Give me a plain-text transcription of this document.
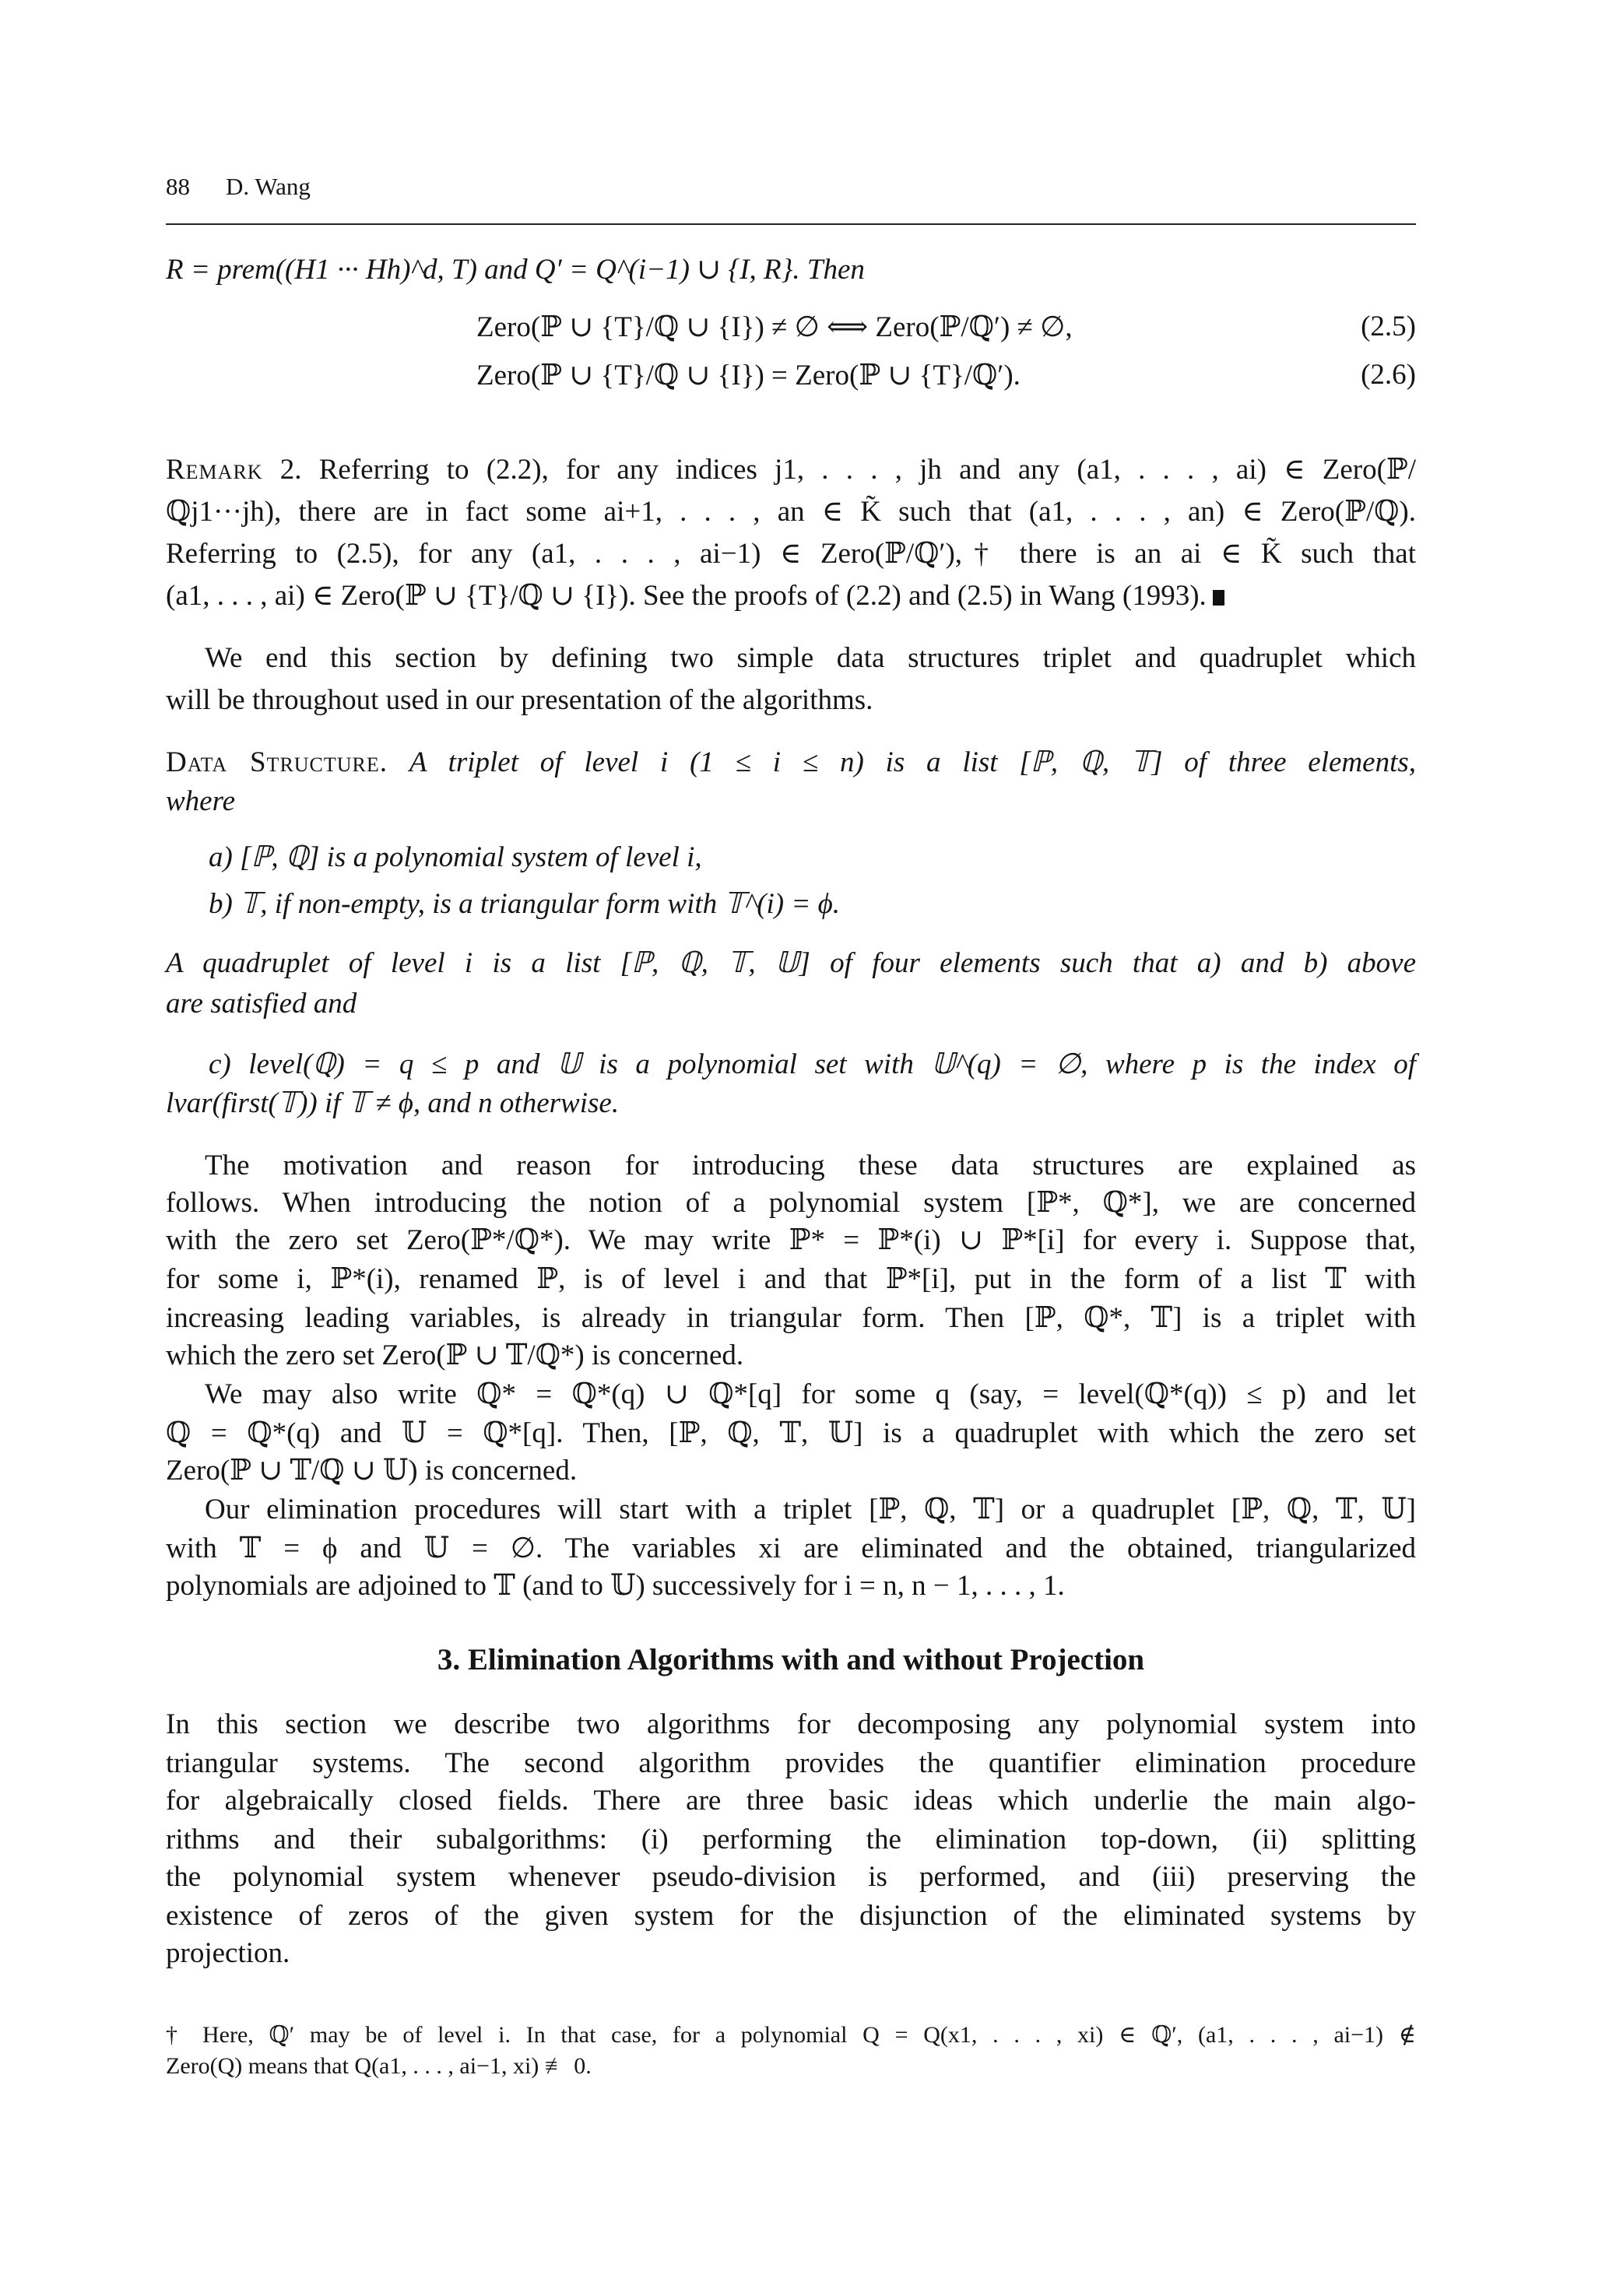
88 D. Wang
R = prem((H1 ··· Hh)^d, T) and Q′ = Q^(i−1) ∪ {I, R}. Then
Zero(ℙ ∪ {T}/ℚ ∪ {I}) ≠ ∅ ⟺ Zero(ℙ/ℚ′) ≠ ∅,	(2.5)
Zero(ℙ ∪ {T}/ℚ ∪ {I}) = Zero(ℙ ∪ {T}/ℚ′).	(2.6)
Remark 2. Referring to (2.2), for any indices j1, . . . , jh and any (a1, . . . , ai) ∈ Zero(ℙ/
ℚj1···jh), there are in fact some ai+1, . . . , an ∈ K̃ such that (a1, . . . , an) ∈ Zero(ℙ/ℚ).
Referring to (2.5), for any (a1, . . . , ai−1) ∈ Zero(ℙ/ℚ′),† there is an ai ∈ K̃ such that
(a1, . . . , ai) ∈ Zero(ℙ ∪ {T}/ℚ ∪ {I}). See the proofs of (2.2) and (2.5) in Wang (1993).
We end this section by defining two simple data structures triplet and quadruplet which
will be throughout used in our presentation of the algorithms.
Data Structure. A triplet of level i (1 ≤ i ≤ n) is a list [ℙ, ℚ, 𝕋] of three elements,
where
a) [ℙ, ℚ] is a polynomial system of level i,
b) 𝕋, if non-empty, is a triangular form with 𝕋^(i) = ϕ.
A quadruplet of level i is a list [ℙ, ℚ, 𝕋, 𝕌] of four elements such that a) and b) above
are satisfied and
c) level(ℚ) = q ≤ p and 𝕌 is a polynomial set with 𝕌^(q) = ∅, where p is the index of
lvar(first(𝕋)) if 𝕋 ≠ ϕ, and n otherwise.
The motivation and reason for introducing these data structures are explained as
follows. When introducing the notion of a polynomial system [ℙ*, ℚ*], we are concerned
with the zero set Zero(ℙ*/ℚ*). We may write ℙ* = ℙ*(i) ∪ ℙ*[i] for every i. Suppose that,
for some i, ℙ*(i), renamed ℙ, is of level i and that ℙ*[i], put in the form of a list 𝕋 with
increasing leading variables, is already in triangular form. Then [ℙ, ℚ*, 𝕋] is a triplet with
which the zero set Zero(ℙ ∪ 𝕋/ℚ*) is concerned.
We may also write ℚ* = ℚ*(q) ∪ ℚ*[q] for some q (say, = level(ℚ*(q)) ≤ p) and let
ℚ = ℚ*(q) and 𝕌 = ℚ*[q]. Then, [ℙ, ℚ, 𝕋, 𝕌] is a quadruplet with which the zero set
Zero(ℙ ∪ 𝕋/ℚ ∪ 𝕌) is concerned.
Our elimination procedures will start with a triplet [ℙ, ℚ, 𝕋] or a quadruplet [ℙ, ℚ, 𝕋, 𝕌]
with 𝕋 = ϕ and 𝕌 = ∅. The variables xi are eliminated and the obtained, triangularized
polynomials are adjoined to 𝕋 (and to 𝕌) successively for i = n, n − 1, . . . , 1.
3. Elimination Algorithms with and without Projection
In this section we describe two algorithms for decomposing any polynomial system into
triangular systems. The second algorithm provides the quantifier elimination procedure
for algebraically closed fields. There are three basic ideas which underlie the main algo-
rithms and their subalgorithms: (i) performing the elimination top-down, (ii) splitting
the polynomial system whenever pseudo-division is performed, and (iii) preserving the
existence of zeros of the given system for the disjunction of the eliminated systems by
projection.
† Here, ℚ′ may be of level i. In that case, for a polynomial Q = Q(x1, . . . , xi) ∈ ℚ′, (a1, . . . , ai−1) ∉
Zero(Q) means that Q(a1, . . . , ai−1, xi) ≢ 0.
